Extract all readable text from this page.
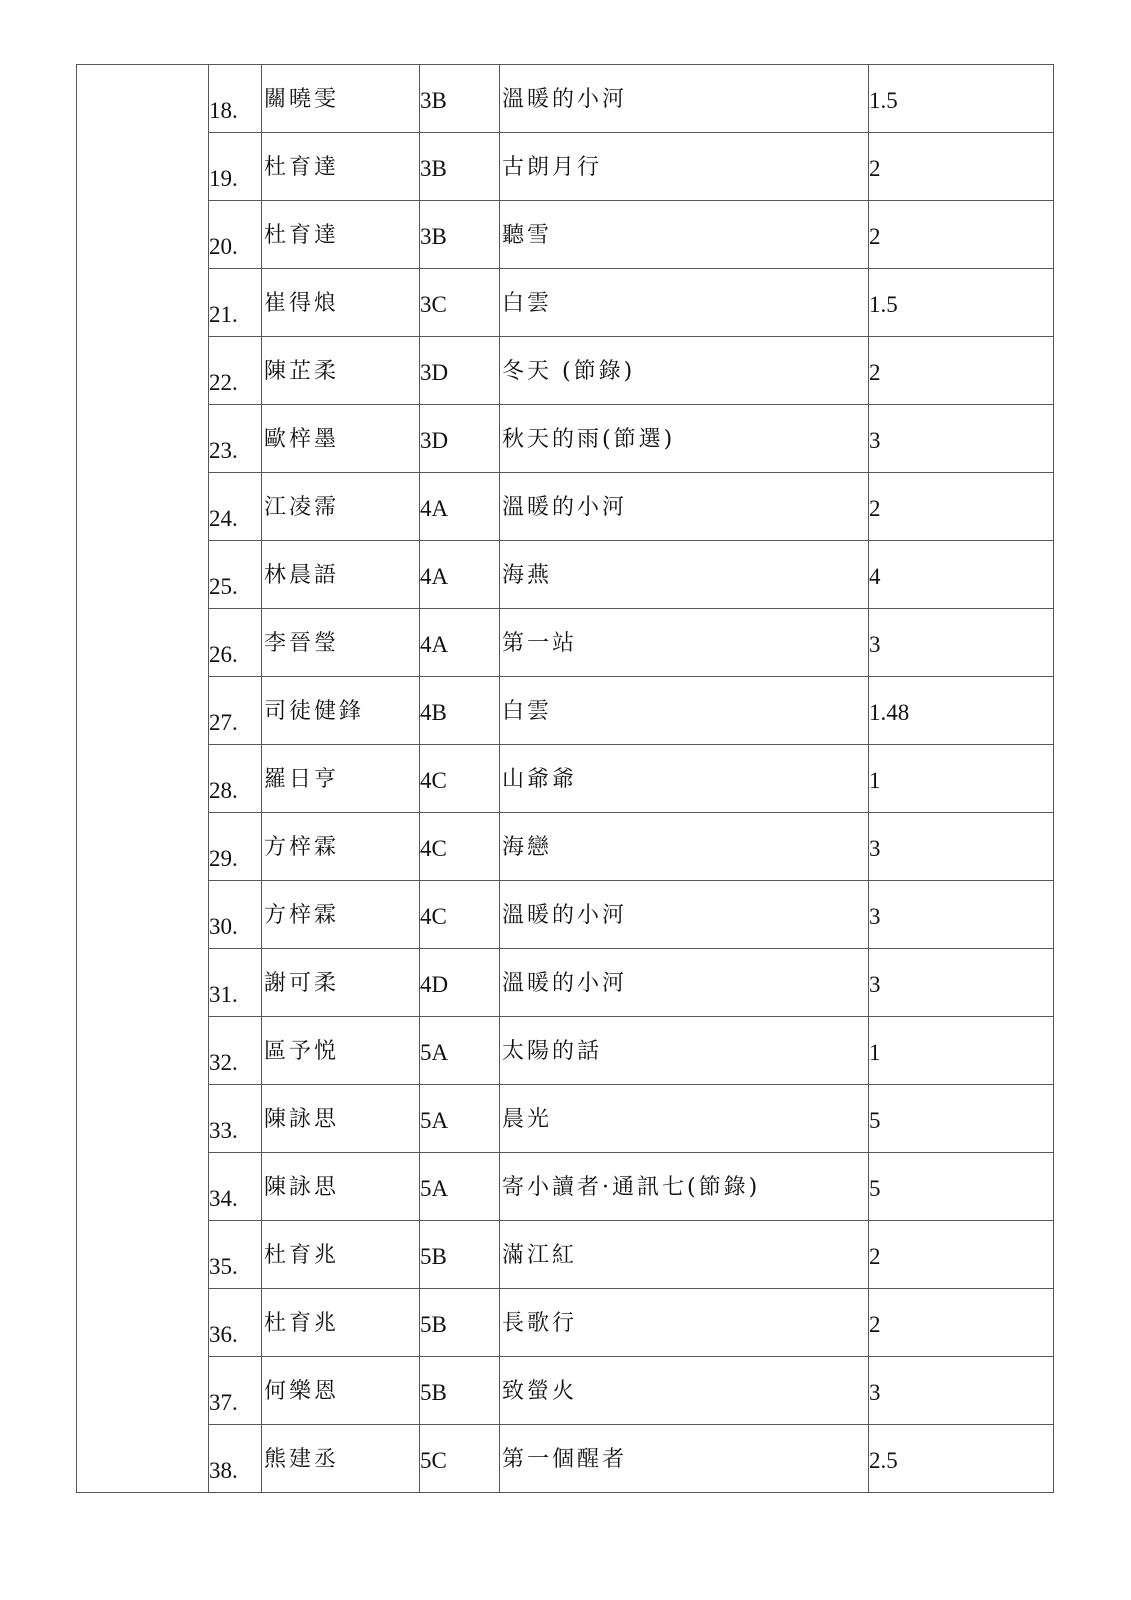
	18.	關曉雯	3B	溫暖的小河	1.5

	19.	杜育達	3B	古朗月行	2

	20.	杜育達	3B	聽雪	2

	21.	崔得烺	3C	白雲	1.5

	22.	陳芷柔	3D	冬天 (節錄)	2

	23.	歐梓墨	3D	秋天的雨(節選)	3

	24.	江凌霈	4A	溫暖的小河	2

	25.	林晨語	4A	海燕	4

	26.	李晉瑩	4A	第一站	3

	27.	司徒健鋒	4B	白雲	1.48

	28.	羅日亨	4C	山爺爺	1

	29.	方梓霖	4C	海戀	3

	30.	方梓霖	4C	溫暖的小河	3

	31.	謝可柔	4D	溫暖的小河	3

	32.	區予悦	5A	太陽的話	1

	33.	陳詠思	5A	晨光	5

	34.	陳詠思	5A	寄小讀者·通訊七(節錄)	5

	35.	杜育兆	5B	滿江紅	2

	36.	杜育兆	5B	長歌行	2

	37.	何樂恩	5B	致螢火	3

	38.	熊建丞	5C	第一個醒者	2.5
